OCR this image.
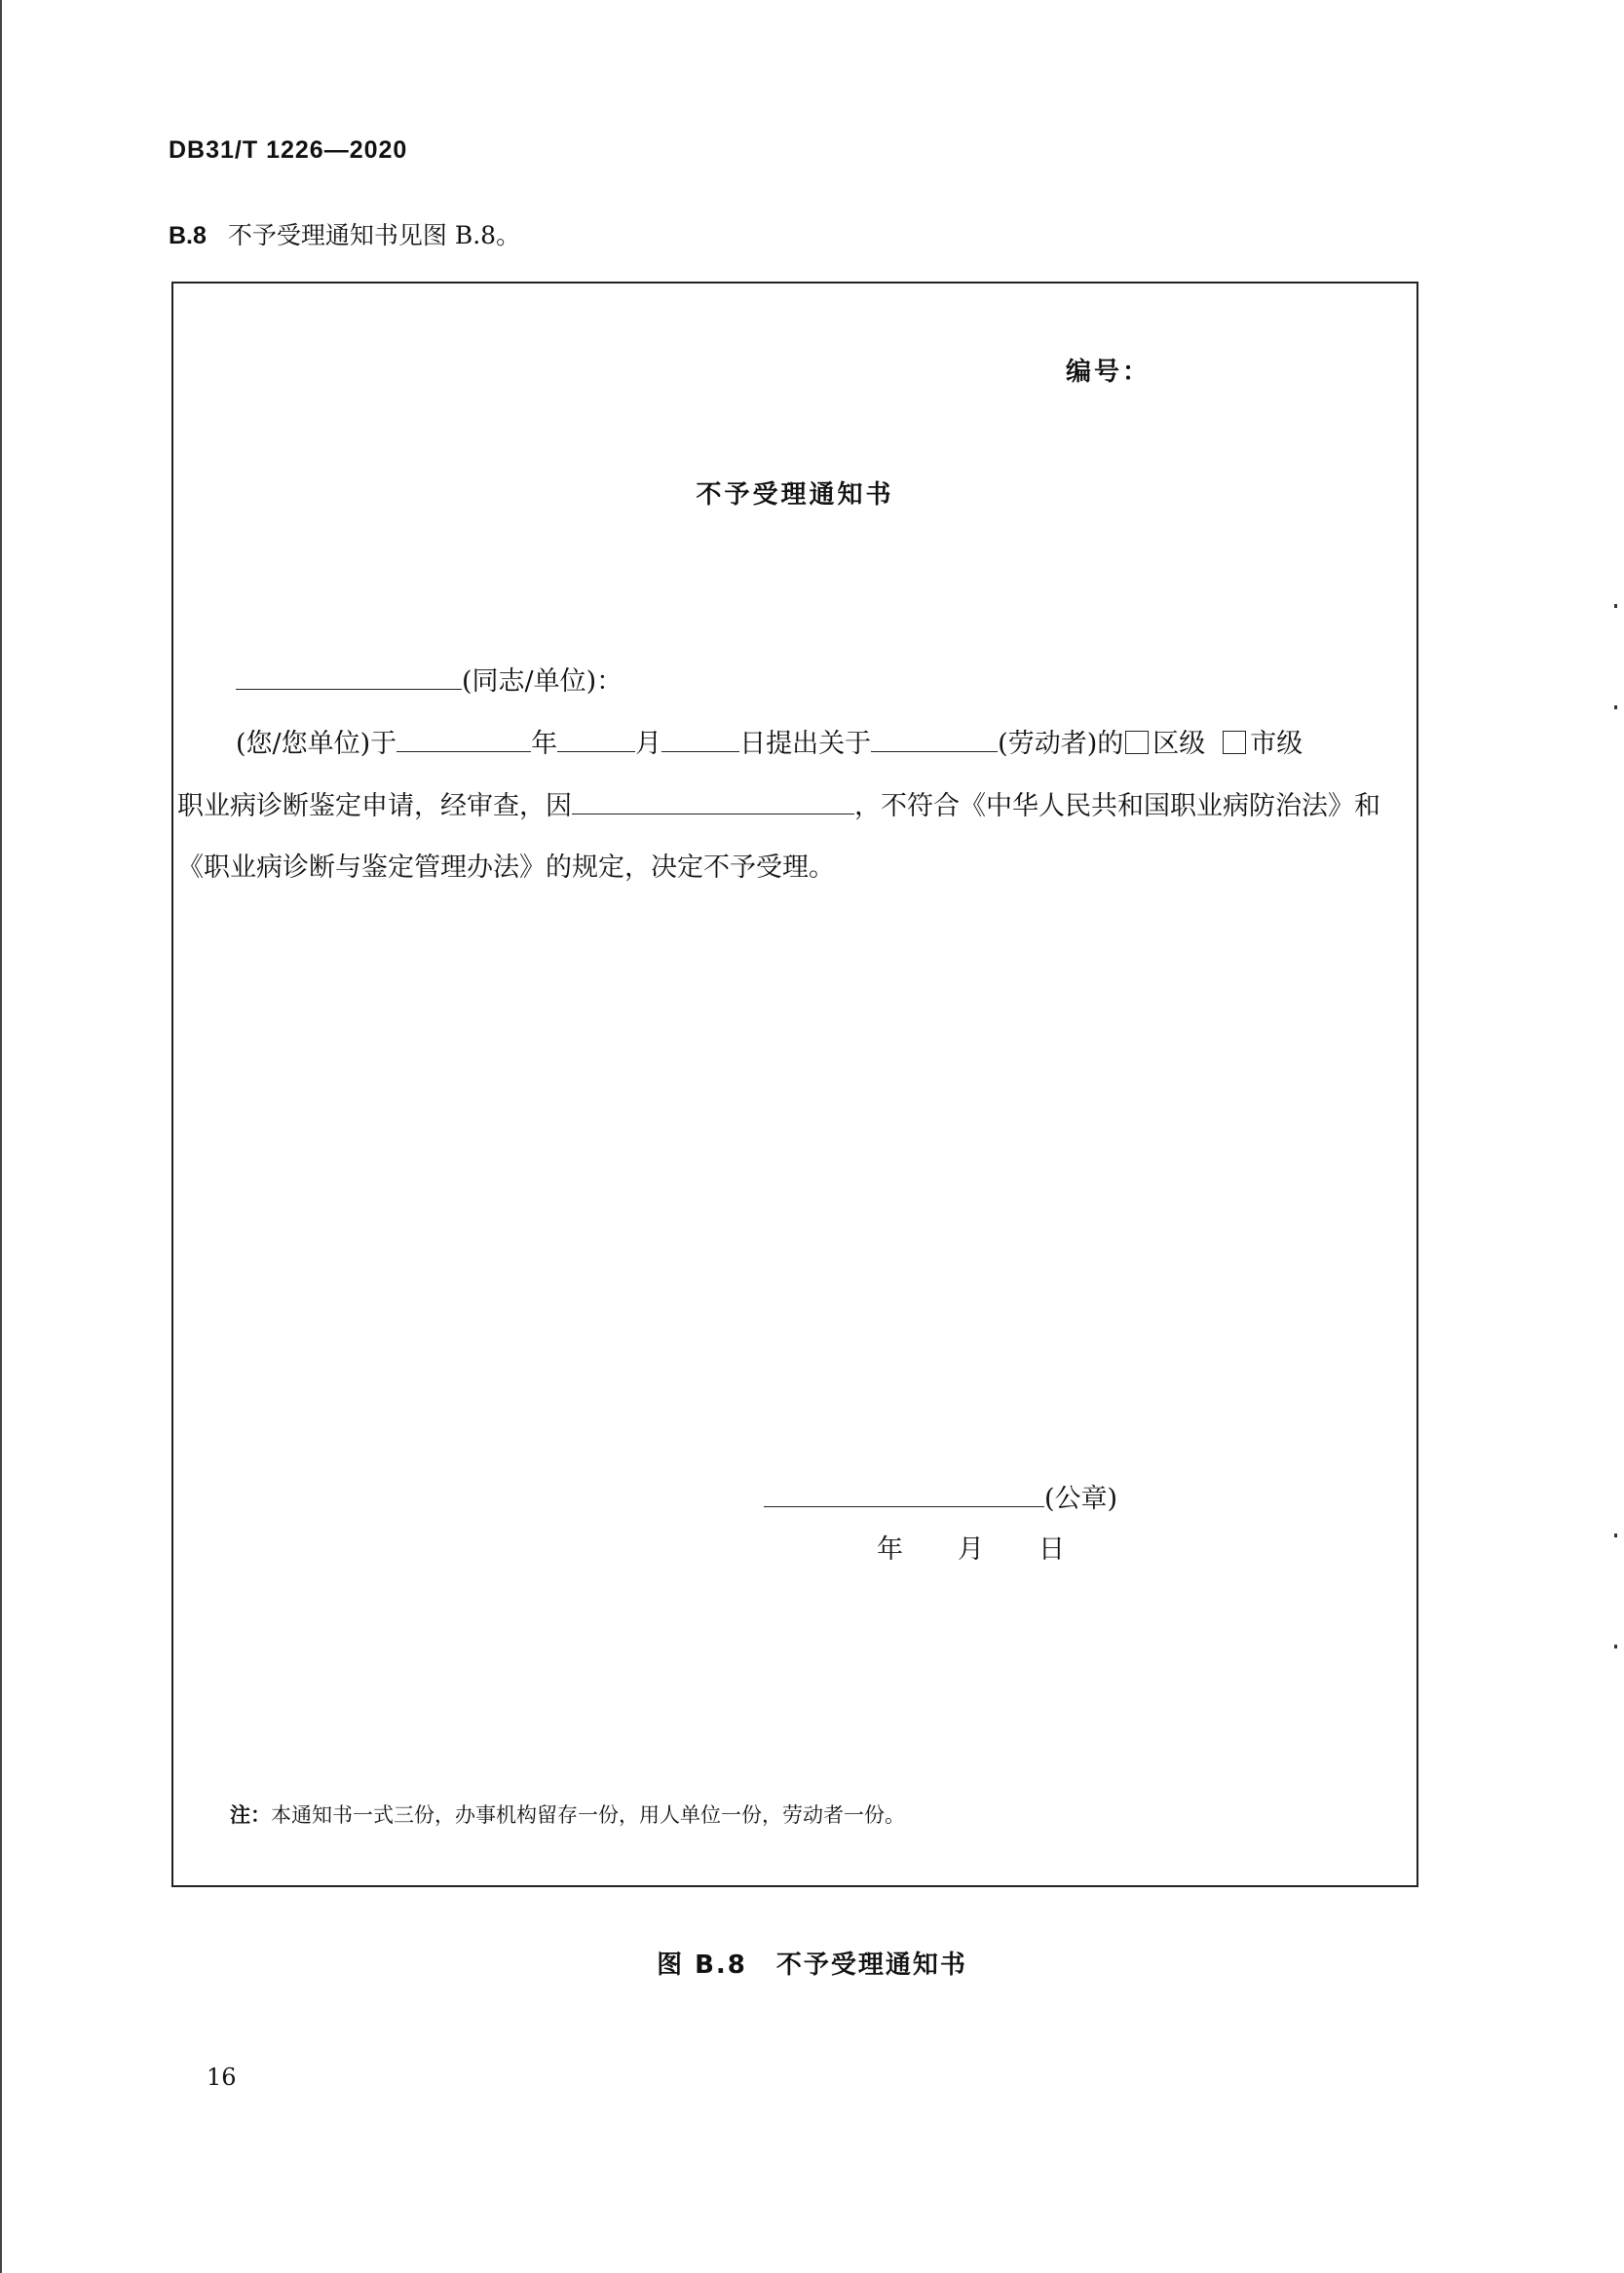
DB31/T 1226—2020
B.8 不予受理通知书见图 B.8。
编号：
不予受理通知书
(同志/单位)：
(您/您单位)于	年	月	日提出关于	(劳动者)的 区级 市级
职业病诊断鉴定申请，经审查，因	，不符合《中华人民共和国职业病防治法》和
《职业病诊断与鉴定管理办法》的规定，决定不予受理。
(公章)
年 月 日
注：本通知书一式三份，办事机构留存一份，用人单位一份，劳动者一份。
图 B.8 不予受理通知书
16
